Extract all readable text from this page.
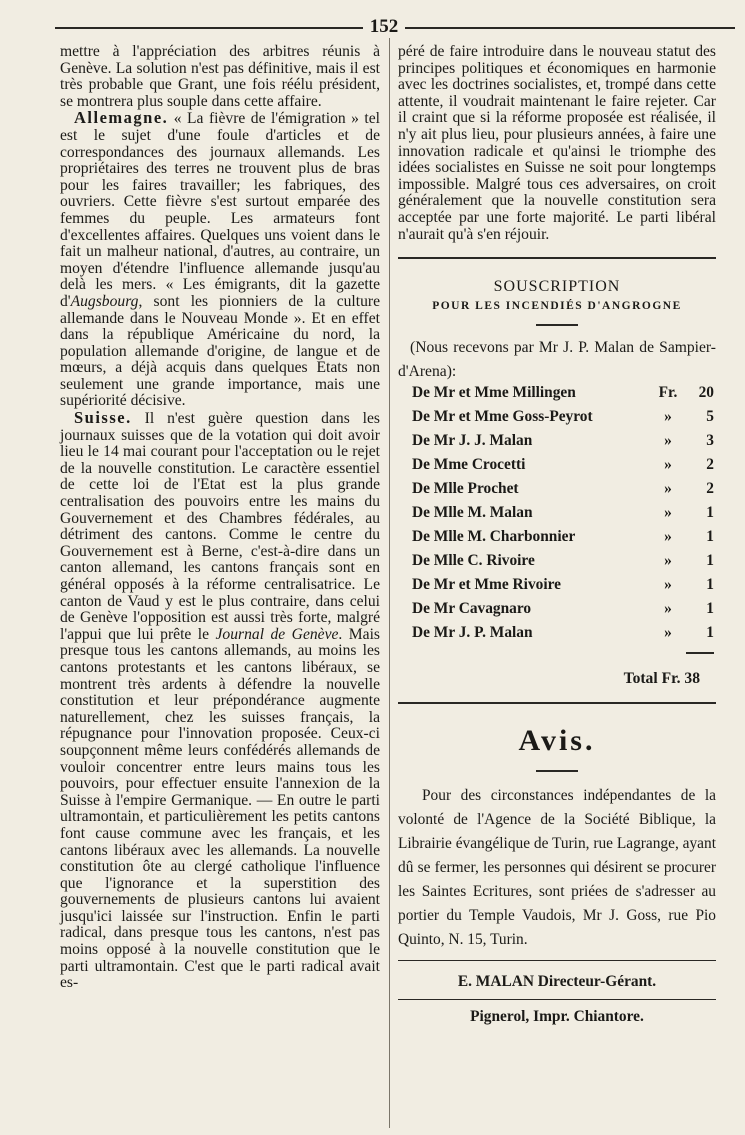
152

mettre à l'appréciation des arbitres réunis à Genève. La solution n'est pas définitive, mais il est très probable que Grant, une fois réélu président, se montrera plus souple dans cette affaire.

Allemagne. « La fièvre de l'émigration » tel est le sujet d'une foule d'articles et de correspondances des journaux allemands. Les propriétaires des terres ne trouvent plus de bras pour les faires travailler; les fabriques, des ouvriers. Cette fièvre s'est surtout emparée des femmes du peuple. Les armateurs font d'excellentes affaires. Quelques uns voient dans le fait un malheur national, d'autres, au contraire, un moyen d'étendre l'influence allemande jusqu'au delà les mers. « Les émigrants, dit la gazette d'Augsbourg, sont les pionniers de la culture allemande dans le Nouveau Monde ». Et en effet dans la république Américaine du nord, la population allemande d'origine, de langue et de mœurs, a déjà acquis dans quelques Etats non seulement une grande importance, mais une supériorité décisive.

Suisse. Il n'est guère question dans les journaux suisses que de la votation qui doit avoir lieu le 14 mai courant pour l'acceptation ou le rejet de la nouvelle constitution. Le caractère essentiel de cette loi de l'Etat est la plus grande centralisation des pouvoirs entre les mains du Gouvernement et des Chambres fédérales, au détriment des cantons. Comme le centre du Gouvernement est à Berne, c'est-à-dire dans un canton allemand, les cantons français sont en général opposés à la réforme centralisatrice. Le canton de Vaud y est le plus contraire, dans celui de Genève l'opposition est aussi très forte, malgré l'appui que lui prête le Journal de Genève. Mais presque tous les cantons allemands, au moins les cantons protestants et les cantons libéraux, se montrent très ardents à défendre la nouvelle constitution et leur prépondérance augmente naturellement, chez les suisses français, la répugnance pour l'innovation proposée. Ceux-ci soupçonnent même leurs confédérés allemands de vouloir concentrer entre leurs mains tous les pouvoirs, pour effectuer ensuite l'annexion de la Suisse à l'empire Germanique. — En outre le parti ultramontain, et particulièrement les petits cantons font cause commune avec les français, et les cantons libéraux avec les allemands. La nouvelle constitution ôte au clergé catholique l'influence que l'ignorance et la superstition des gouvernements de plusieurs cantons lui avaient jusqu'ici laissée sur l'instruction. Enfin le parti radical, dans presque tous les cantons, n'est pas moins opposé à la nouvelle constitution que le parti ultramontain. C'est que le parti radical avait es-

péré de faire introduire dans le nouveau statut des principes politiques et économiques en harmonie avec les doctrines socialistes, et, trompé dans cette attente, il voudrait maintenant le faire rejeter. Car il craint que si la réforme proposée est réalisée, il n'y ait plus lieu, pour plusieurs années, à faire une innovation radicale et qu'ainsi le triomphe des idées socialistes en Suisse ne soit pour longtemps impossible. Malgré tous ces adversaires, on croit généralement que la nouvelle constitution sera acceptée par une forte majorité. Le parti libéral n'aurait qu'à s'en réjouir.

SOUSCRIPTION
POUR LES INCENDIÉS D'ANGROGNE
(Nous recevons par Mr J. P. Malan de Sampier-d'Arena):
De Mr et Mme Millingen	Fr.	20
De Mr et Mme Goss-Peyrot	»	5
De Mr J. J. Malan	»	3
De Mme Crocetti	»	2
De Mlle Prochet	»	2
De Mlle M. Malan	»	1
De Mlle M. Charbonnier	»	1
De Mlle C. Rivoire	»	1
De Mr et Mme Rivoire	»	1
De Mr Cavagnaro	»	1
De Mr J. P. Malan	»	1
Total Fr. 38
Avis.
Pour des circonstances indépendantes de la volonté de l'Agence de la Société Biblique, la Librairie évangélique de Turin, rue Lagrange, ayant dû se fermer, les personnes qui désirent se procurer les Saintes Ecritures, sont priées de s'adresser au portier du Temple Vaudois, Mr J. Goss, rue Pio Quinto, N. 15, Turin.
E. MALAN Directeur-Gérant.
Pignerol, Impr. Chiantore.
